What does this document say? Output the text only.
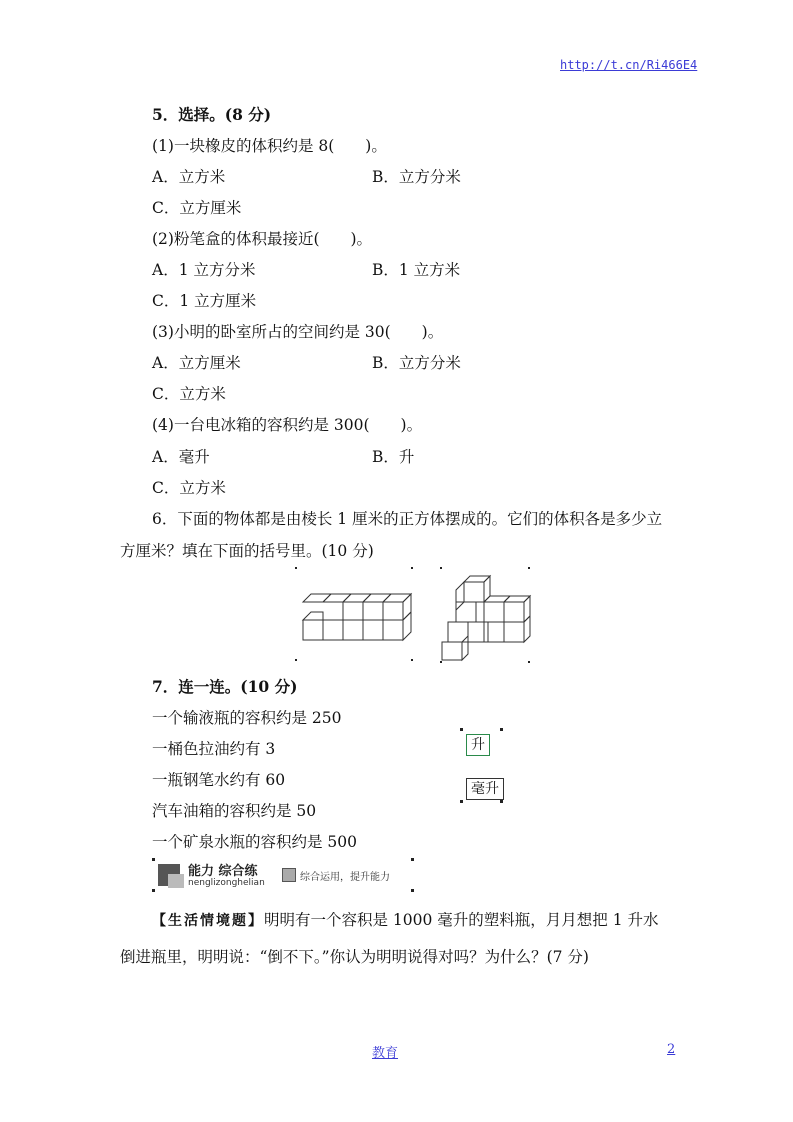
http://t.cn/Ri466E4
5．选择。(8 分)
(1)一块橡皮的体积约是 8(　　)。
A．立方米	B．立方分米
C．立方厘米
(2)粉笔盒的体积最接近(　　)。
A．1 立方分米	B．1 立方米
C．1 立方厘米
(3)小明的卧室所占的空间约是 30(　　)。
A．立方厘米	B．立方分米
C．立方米
(4)一台电冰箱的容积约是 300(　　)。
A．毫升	B．升
C．立方米
6．下面的物体都是由棱长 1 厘米的正方体摆成的。它们的体积各是多少立
方厘米？填在下面的括号里。(10 分)
7．连一连。(10 分)
一个输液瓶的容积约是 250
一桶色拉油约有 3
一瓶钢笔水约有 60
汽车油箱的容积约是 50
一个矿泉水瓶的容积约是 500
升
毫升
能力 综合练
nenglizonghelian	综合运用，提升能力
【生活情境题】明明有一个容积是 1000 毫升的塑料瓶，月月想把 1 升水
倒进瓶里，明明说：“倒不下。”你认为明明说得对吗？为什么？(7 分)
教育	2
